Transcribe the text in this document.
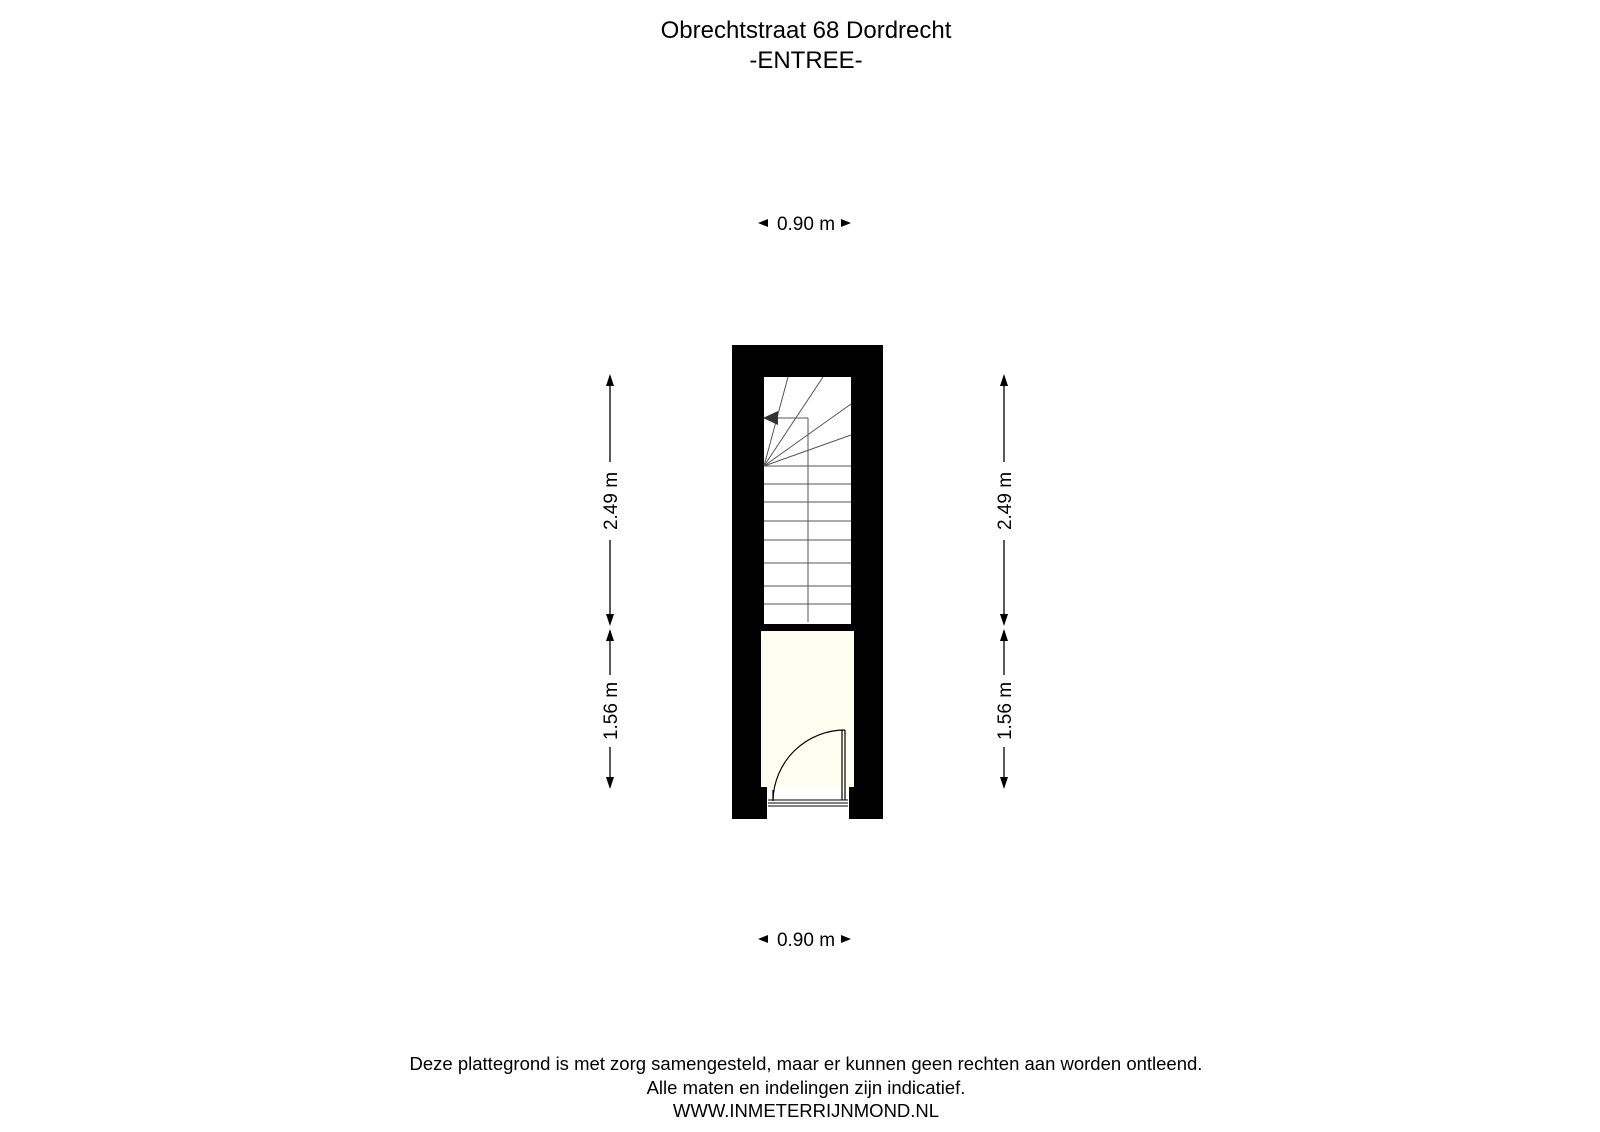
Obrechtstraat 68 Dordrecht
-ENTREE-
0.90 m
0.90 m
2.49 m
1.56 m
2.49 m
1.56 m
Deze plattegrond is met zorg samengesteld, maar er kunnen geen rechten aan worden ontleend.
Alle maten en indelingen zijn indicatief.
WWW.INMETERRIJNMOND.NL
